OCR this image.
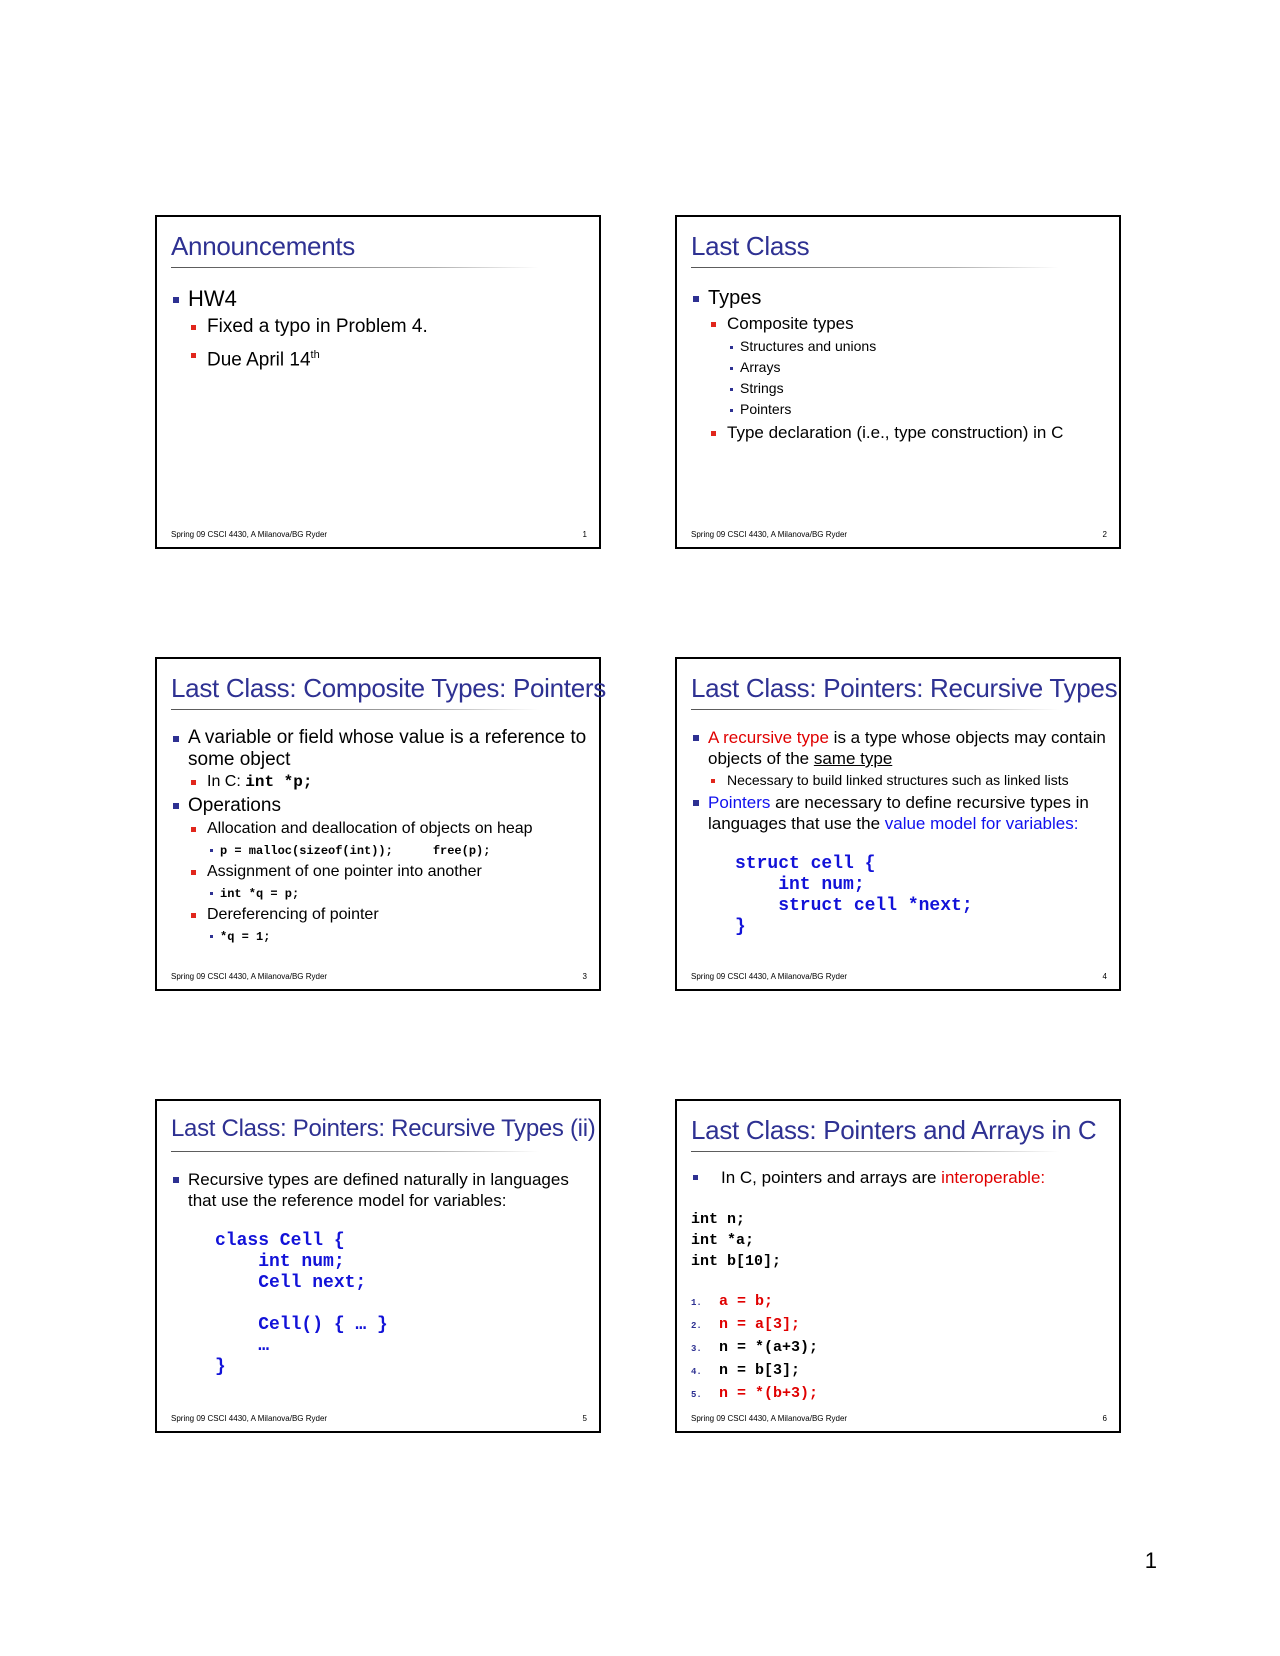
Announcements
HW4
Fixed a typo in Problem 4.
Due April 14th
Spring 09 CSCI 4430, A Milanova/BG Ryder	1
Last Class
Types
Composite types
Structures and unions
Arrays
Strings
Pointers
Type declaration (i.e., type construction) in C
Spring 09 CSCI 4430, A Milanova/BG Ryder	2
Last Class: Composite Types: Pointers
A variable or field whose value is a reference to some object
In C: int *p;
Operations
Allocation and deallocation of objects on heap
p = malloc(sizeof(int));	free(p);
Assignment of one pointer into another
int *q = p;
Dereferencing of pointer
*q = 1;
Spring 09 CSCI 4430, A Milanova/BG Ryder	3
Last Class: Pointers: Recursive Types
A recursive type is a type whose objects may contain objects of the same type
Necessary to build linked structures such as linked lists
Pointers are necessary to define recursive types in languages that use the value model for variables:
struct cell {
int num;
struct cell *next;
}
Spring 09 CSCI 4430, A Milanova/BG Ryder	4
Last Class: Pointers: Recursive Types (ii)
Recursive types are defined naturally in languages that use the reference model for variables:
class Cell {
int num;
Cell next;
Cell() { … }
…
}
Spring 09 CSCI 4430, A Milanova/BG Ryder	5
Last Class: Pointers and Arrays in C
In C, pointers and arrays are interoperable:
int n;
int *a;
int b[10];
1. a = b;
2. n = a[3];
3. n = *(a+3);
4. n = b[3];
5. n = *(b+3);
Spring 09 CSCI 4430, A Milanova/BG Ryder	6
1
